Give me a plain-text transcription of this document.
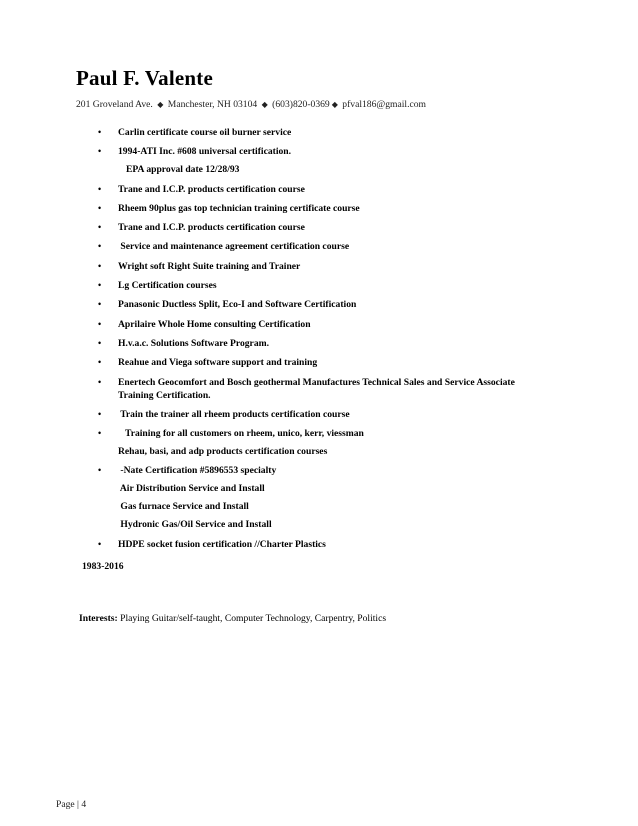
Paul F. Valente
201 Groveland Ave. ◆ Manchester, NH 03104 ◆ (603)820-0369 ◆ pfval186@gmail.com
• Carlin certificate course oil burner service
• 1994-ATI Inc. #608 universal certification.
EPA approval date 12/28/93
• Trane and I.C.P. products certification course
• Rheem 90plus gas top technician training certificate course
• Trane and I.C.P. products certification course
• Service and maintenance agreement certification course
• Wright soft Right Suite training and Trainer
• Lg Certification courses
• Panasonic Ductless Split, Eco-I and Software Certification
• Aprilaire Whole Home consulting Certification
• H.v.a.c. Solutions Software Program.
• Reahue and Viega software support and training
• Enertech Geocomfort and Bosch geothermal Manufactures Technical Sales and Service Associate
Training Certification.
• Train the trainer all rheem products certification course
• Training for all customers on rheem, unico, kerr, viessman
Rehau, basi, and adp products certification courses
• -Nate Certification #5896553 specialty
Air Distribution Service and Install
Gas furnace Service and Install
Hydronic Gas/Oil Service and Install
• HDPE socket fusion certification //Charter Plastics
1983-2016
Interests: Playing Guitar/self-taught, Computer Technology, Carpentry, Politics
Page | 4
